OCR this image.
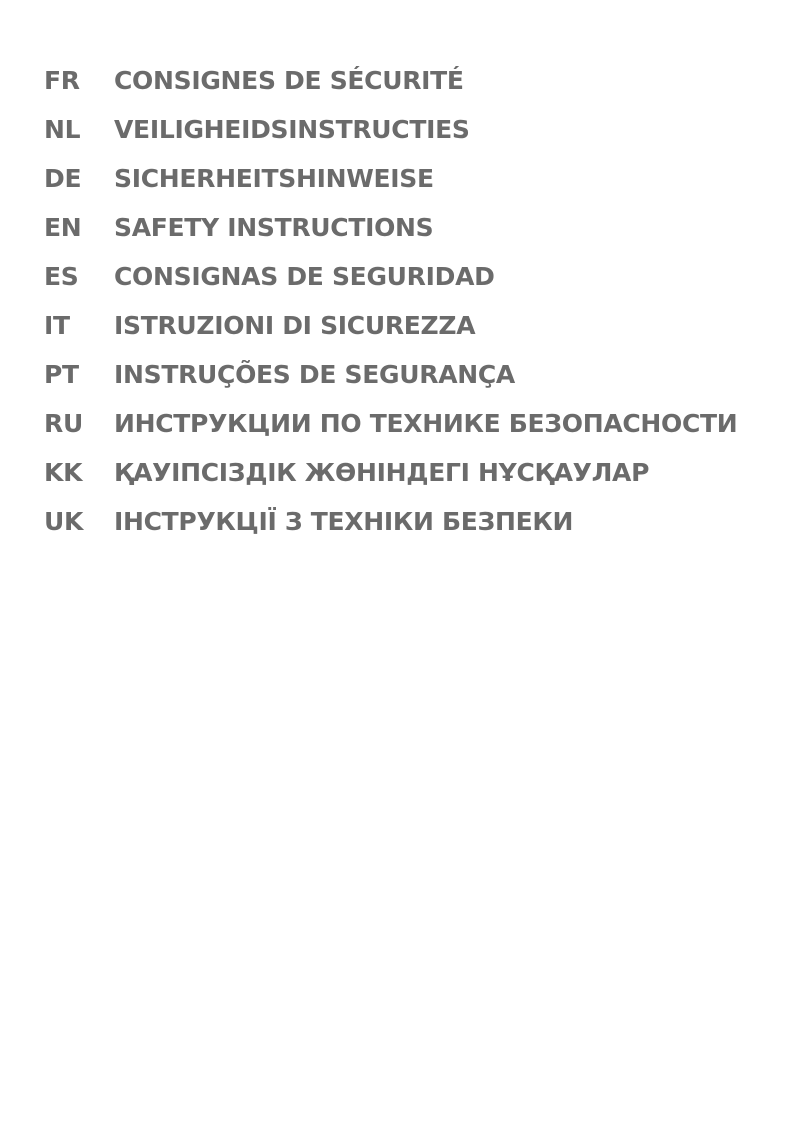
FR	CONSIGNES DE SÉCURITÉ
NL	VEILIGHEIDSINSTRUCTIES
DE	SICHERHEITSHINWEISE
EN	SAFETY INSTRUCTIONS
ES	CONSIGNAS DE SEGURIDAD
IT	ISTRUZIONI DI SICUREZZA
PT	INSTRUÇÕES DE SEGURANÇA
RU	ИНСТРУКЦИИ ПО ТЕХНИКЕ БЕЗОПАСНОСТИ
KK	ҚАУІПСІЗДІК ЖӨНІНДЕГІ НҰСҚАУЛАР
UK	ІНСТРУКЦІЇ З ТЕХНІКИ БЕЗПЕКИ
